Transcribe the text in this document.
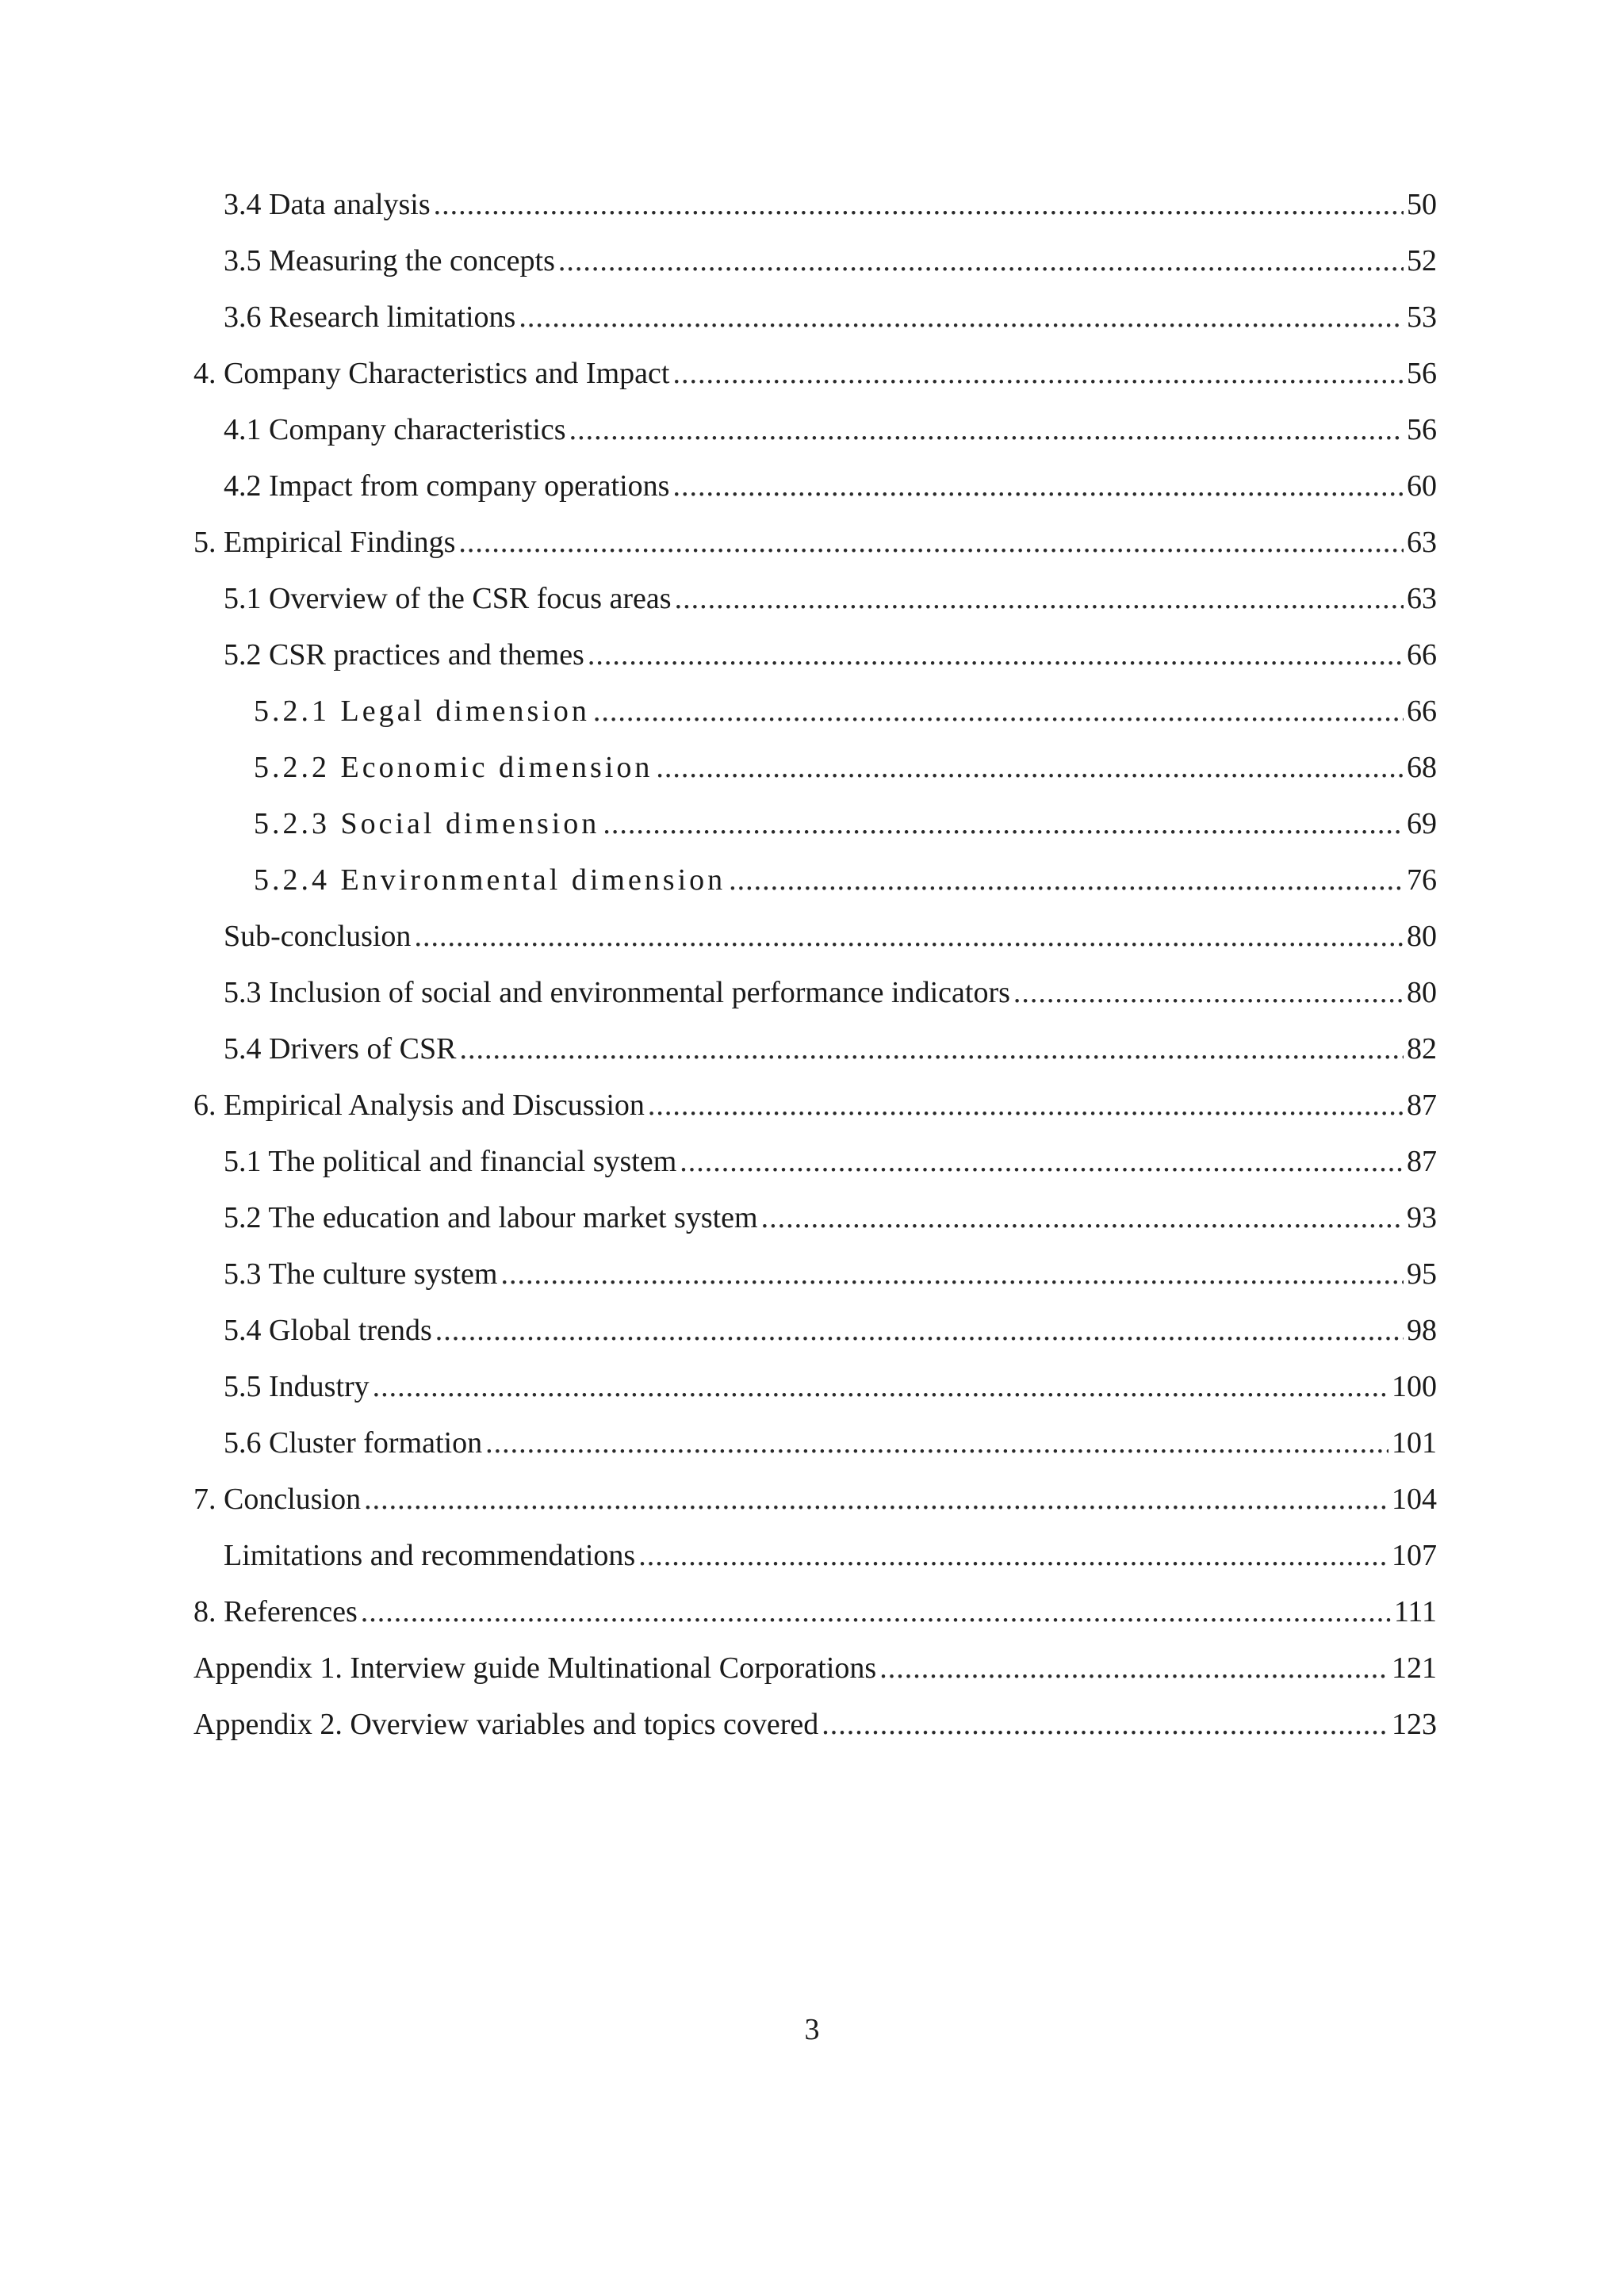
3.4 Data analysis .....	50
3.5 Measuring the concepts .....	52
3.6 Research limitations .....	53
4. Company Characteristics and Impact .....	56
4.1 Company characteristics .....	56
4.2 Impact from company operations .....	60
5. Empirical Findings .....	63
5.1 Overview of the CSR focus areas .....	63
5.2 CSR practices and themes .....	66
5.2.1 Legal dimension .....	66
5.2.2 Economic dimension .....	68
5.2.3 Social dimension .....	69
5.2.4 Environmental dimension .....	76
Sub-conclusion .....	80
5.3 Inclusion of social and environmental performance indicators .....	80
5.4 Drivers of CSR .....	82
6. Empirical Analysis and Discussion .....	87
5.1 The political and financial system .....	87
5.2 The education and labour market system .....	93
5.3 The culture system .....	95
5.4 Global trends .....	98
5.5 Industry .....	100
5.6 Cluster formation .....	101
7. Conclusion .....	104
Limitations and recommendations .....	107
8. References .....	111
Appendix 1. Interview guide Multinational Corporations .....	121
Appendix 2. Overview variables and topics covered .....	123
3
